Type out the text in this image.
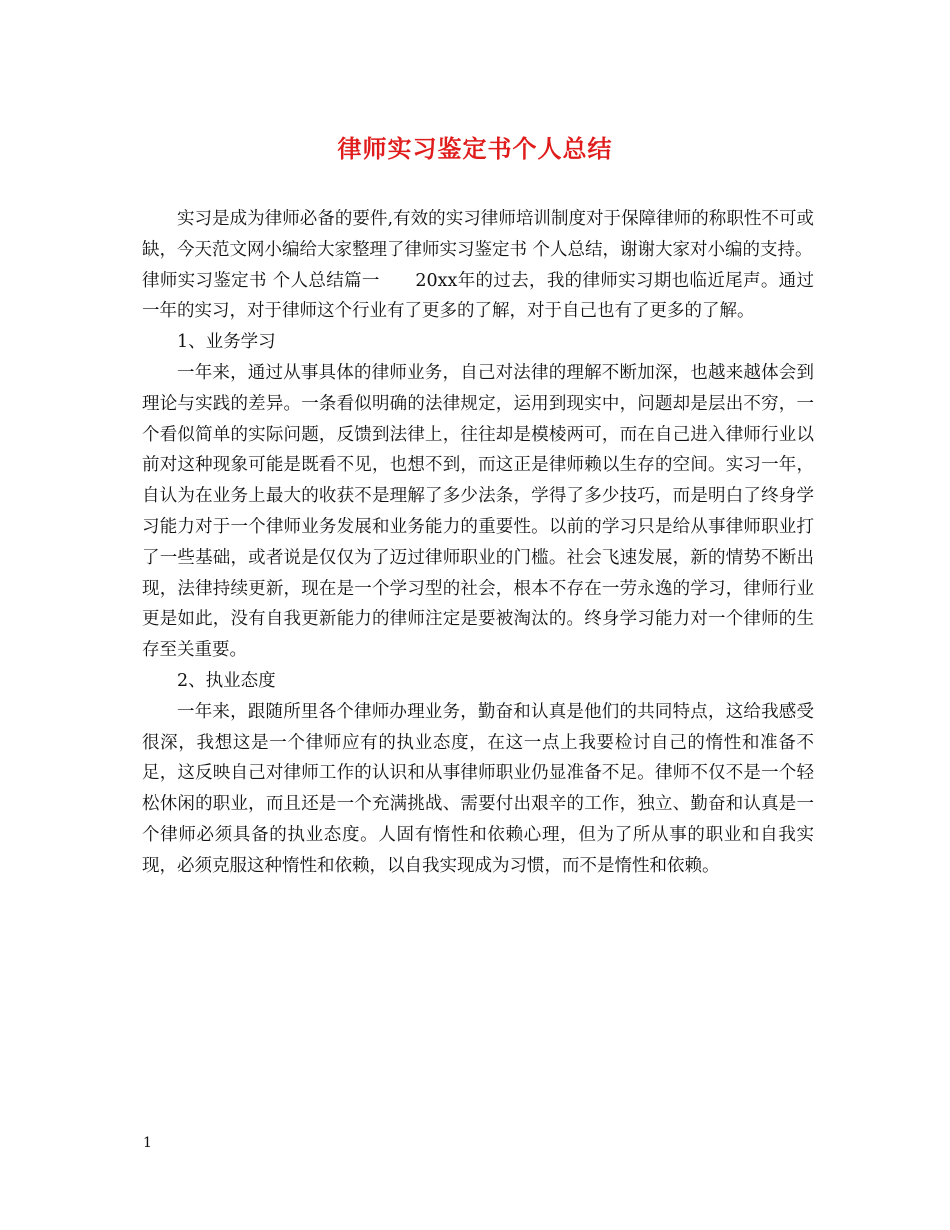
律师实习鉴定书个人总结

实习是成为律师必备的要件,有效的实习律师培训制度对于保障律师的称职性不可或缺，今天范文网小编给大家整理了律师实习鉴定书 个人总结，谢谢大家对小编的支持。

律师实习鉴定书 个人总结篇一　　20xx年的过去，我的律师实习期也临近尾声。通过一年的实习，对于律师这个行业有了更多的了解，对于自己也有了更多的了解。

1、业务学习

一年来，通过从事具体的律师业务，自己对法律的理解不断加深，也越来越体会到理论与实践的差异。一条看似明确的法律规定，运用到现实中，问题却是层出不穷，一个看似简单的实际问题，反馈到法律上，往往却是模棱两可，而在自己进入律师行业以前对这种现象可能是既看不见，也想不到，而这正是律师赖以生存的空间。实习一年，自认为在业务上最大的收获不是理解了多少法条，学得了多少技巧，而是明白了终身学习能力对于一个律师业务发展和业务能力的重要性。以前的学习只是给从事律师职业打了一些基础，或者说是仅仅为了迈过律师职业的门槛。社会飞速发展，新的情势不断出现，法律持续更新，现在是一个学习型的社会，根本不存在一劳永逸的学习，律师行业更是如此，没有自我更新能力的律师注定是要被淘汰的。终身学习能力对一个律师的生存至关重要。

2、执业态度

一年来，跟随所里各个律师办理业务，勤奋和认真是他们的共同特点，这给我感受很深，我想这是一个律师应有的执业态度，在这一点上我要检讨自己的惰性和准备不足，这反映自己对律师工作的认识和从事律师职业仍显准备不足。律师不仅不是一个轻松休闲的职业，而且还是一个充满挑战、需要付出艰辛的工作，独立、勤奋和认真是一个律师必须具备的执业态度。人固有惰性和依赖心理，但为了所从事的职业和自我实现，必须克服这种惰性和依赖，以自我实现成为习惯，而不是惰性和依赖。

1
